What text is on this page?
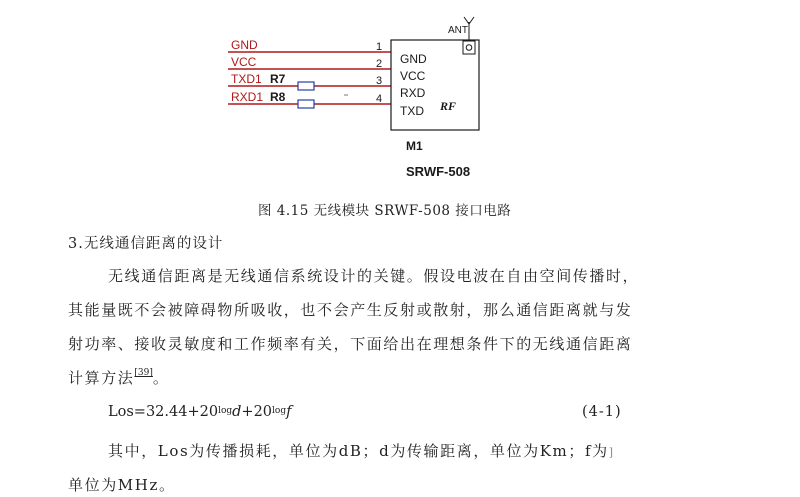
GND	1
VCC	2
TXD1 R7	3
RXD1 R8	4
ANT
GND
VCC
RXD
TXD RF
M1
SRWF-508
图 4.15 无线模块 SRWF-508 接口电路
3.无线通信距离的设计
无线通信距离是无线通信系统设计的关键。假设电波在自由空间传播时，
其能量既不会被障碍物所吸收，也不会产生反射或散射，那么通信距离就与发
射功率、接收灵敏度和工作频率有关，下面给出在理想条件下的无线通信距离
计算方法[39]。
$Los=32.44+20^{log}d+20^{log}f$	(4-1)
其中，Los为传播损耗，单位为dB；d为传输距离，单位为Km；f为]
单位为MHz。
